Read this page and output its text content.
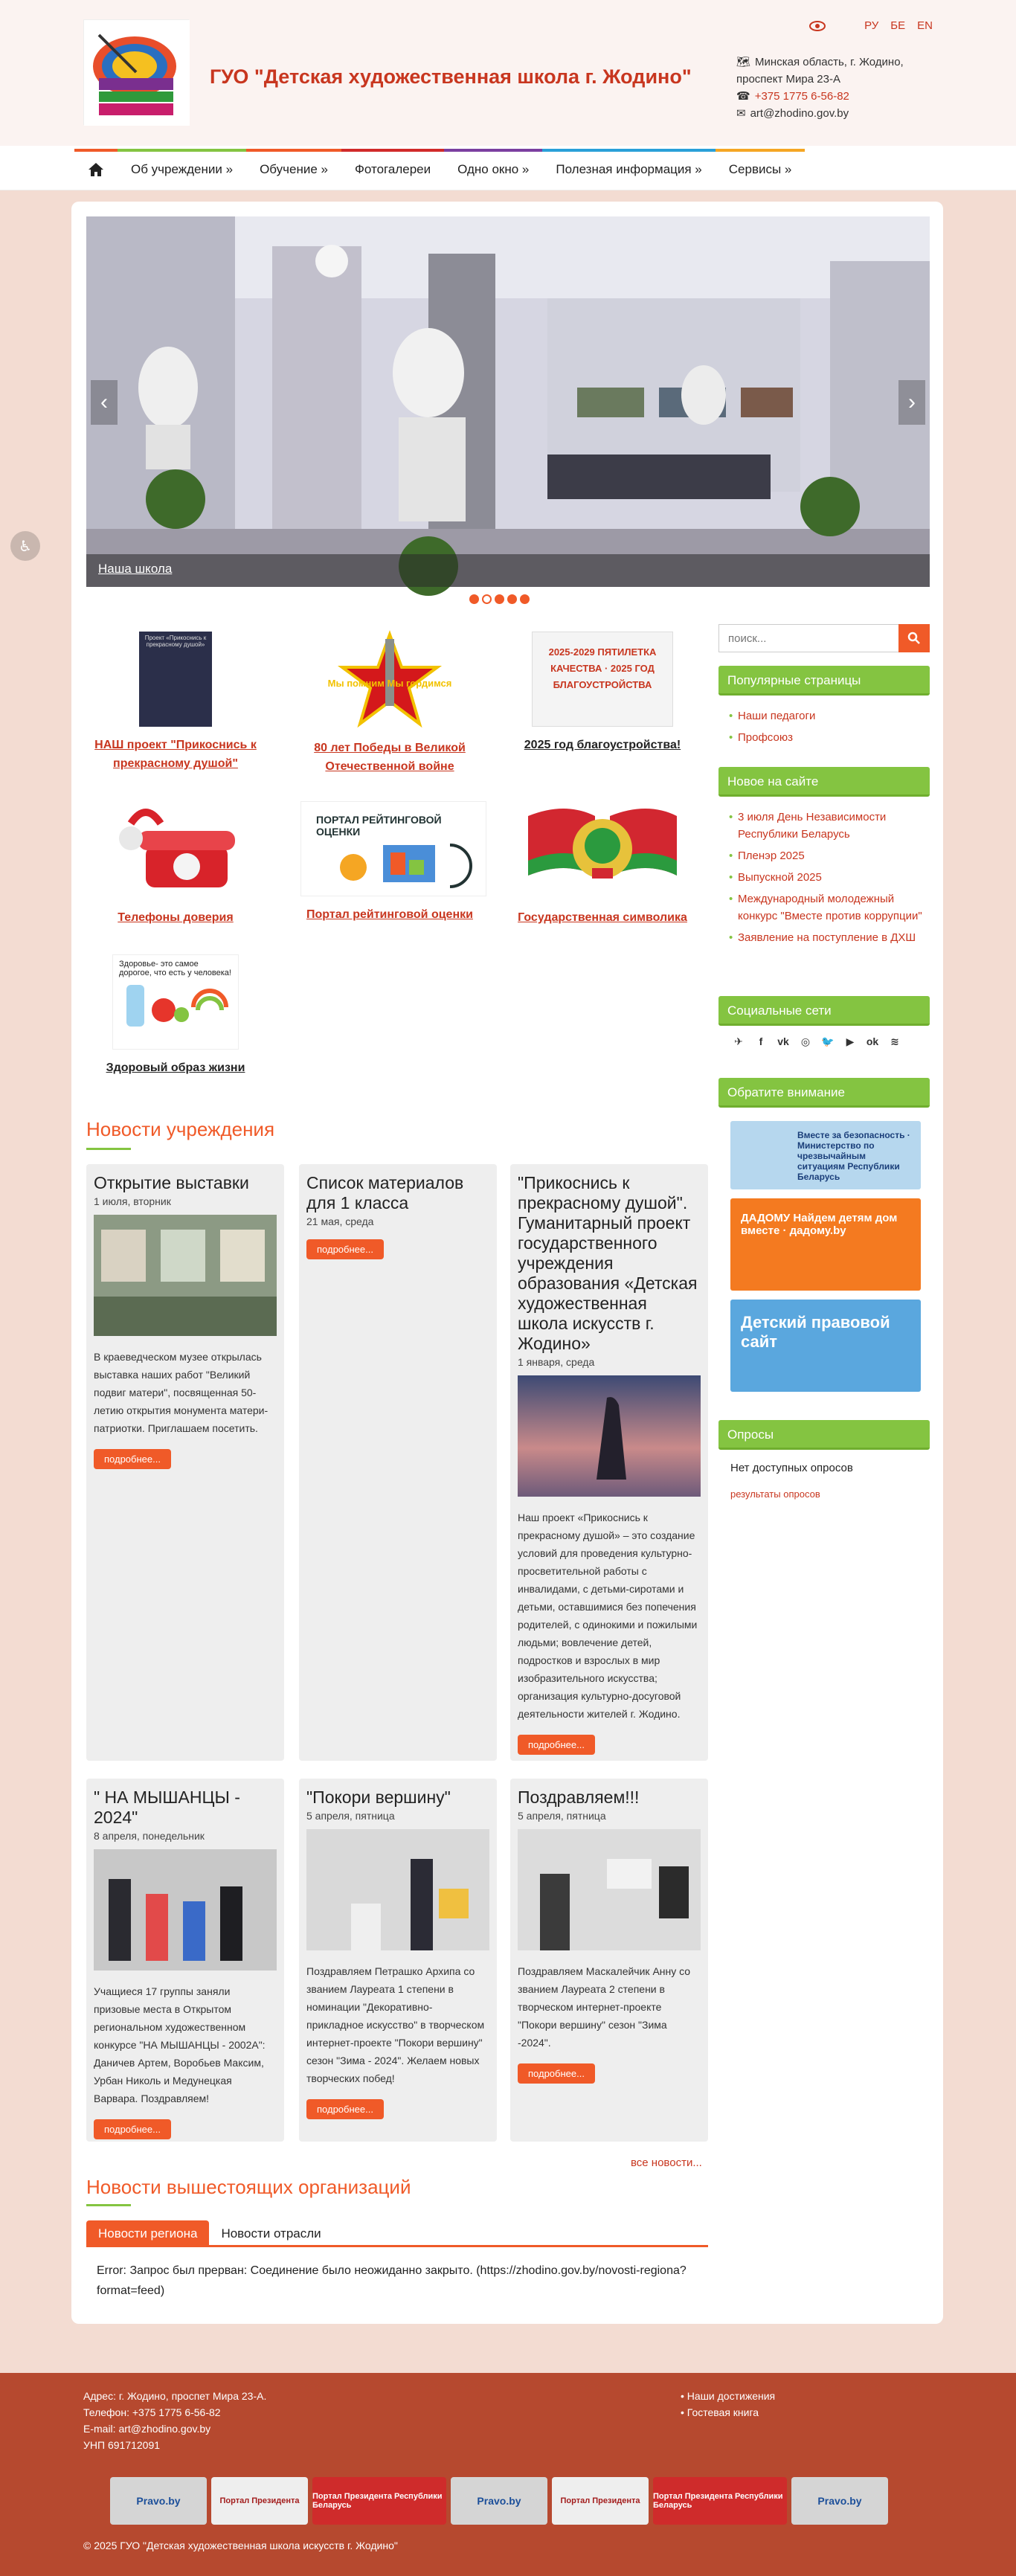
ГУО "Детская художественная школа г. Жодино"
РУ БЕ EN
🗺 Минская область, г. Жодино,
проспект Мира 23-А
☎ +375 1775 6-56-82
✉ art@zhodino.gov.by
Об учреждении » Обучение » Фотогалереи Одно окно » Полезная информация » Сервисы »
♿
‹	›
Наша школа
Проект «Прикоснись к прекрасному душой»
НАШ проект "Прикоснись к прекрасному душой"
Мы помним Мы гордимся
80 лет Победы в Великой Отечественной войне
2025-2029 ПЯТИЛЕТКА КАЧЕСТВА · 2025 ГОД БЛАГОУСТРОЙСТВА
2025 год благоустройства!
Телефоны доверия
ПОРТАЛ РЕЙТИНГОВОЙ ОЦЕНКИ
Портал рейтинговой оценки	Государственная символика
Здоровье- это самое дорогое, что есть у человека!
Здоровый образ жизни
Новости учреждения
Открытие выставки
1 июля, вторник

В краеведческом музее открылась выставка наших работ "Великий подвиг матери", посвященная 50-летию открытия монумента матери-патриотки. Приглашаем посетить.

подробнее...
Список материалов для 1 класса
21 мая, среда
подробнее...
"Прикоснись к прекрасному душой". Гуманитарный проект государственного учреждения образования «Детская художественная школа искусств г. Жодино»
1 января, среда

Наш проект «Прикоснись к прекрасному душой» – это создание условий для проведения культурно-просветительной работы с инвалидами, с детьми-сиротами и детьми, оставшимися без попечения родителей, с одинокими и пожилыми людьми; вовлечение детей, подростков и взрослых в мир изобразительного искусства; организация культурно-досуговой деятельности жителей г. Жодино.

подробнее...
" НА МЫШАНЦЫ - 2024"
8 апреля, понедельник

Учащиеся 17 группы заняли призовые места в Открытом региональном художественном конкурсе "НА МЫШАНЦЫ - 2002А": Даничев Артем, Воробьев Максим, Урбан Николь и Медунецкая Варвара. Поздравляем!

подробнее...
"Покори вершину"
5 апреля, пятница

Поздравляем Петрашко Архипа со званием Лауреата 1 степени в номинации "Декоративно-прикладное искусство" в творческом интернет-проекте "Покори вершину" сезон "Зима - 2024". Желаем новых творческих побед!

подробнее...
Поздравляем!!!
5 апреля, пятница

Поздравляем Маскалейчик Анну со званием Лауреата 2 степени в творческом интернет-проекте "Покори вершину" сезон "Зима -2024".

подробнее...
все новости...
Новости вышестоящих организаций
Новости региона	Новости отрасли
Error: Запрос был прерван: Соединение было неожиданно закрыто. (https://zhodino.gov.by/novosti-regiona?format=feed)
поиск...
Популярные страницы
• Наши педагоги
• Профсоюз
Новое на сайте
• 3 июля День Независимости Республики Беларусь
• Пленэр 2025
• Выпускной 2025
• Международный молодежный конкурс "Вместе против коррупции"
• Заявление на поступление в ДХШ
Социальные сети
✈	f	vk ◎ 🐦 ▶ ok ≋
Обратите внимание
Вместе за безопасность · Министерство по чрезвычайным ситуациям Республики Беларусь
ДАДОМУ Найдем детям дом вместе · дадому.by
Детский правовой сайт
Опросы
Нет доступных опросов
результаты опросов
Адрес: г. Жодино, проспет Мира 23-А.
Телефон: +375 1775 6-56-82
E-mail: art@zhodino.gov.by
УНП 691712091
• Наши достижения
• Гостевая книга
Pravo.by	Портал Президента	Портал Президента Республики Беларусь	Pravo.by	Портал Президента	Портал Президента Республики Беларусь	Pravo.by
© 2025 ГУО "Детская художественная школа искусств г. Жодино"
